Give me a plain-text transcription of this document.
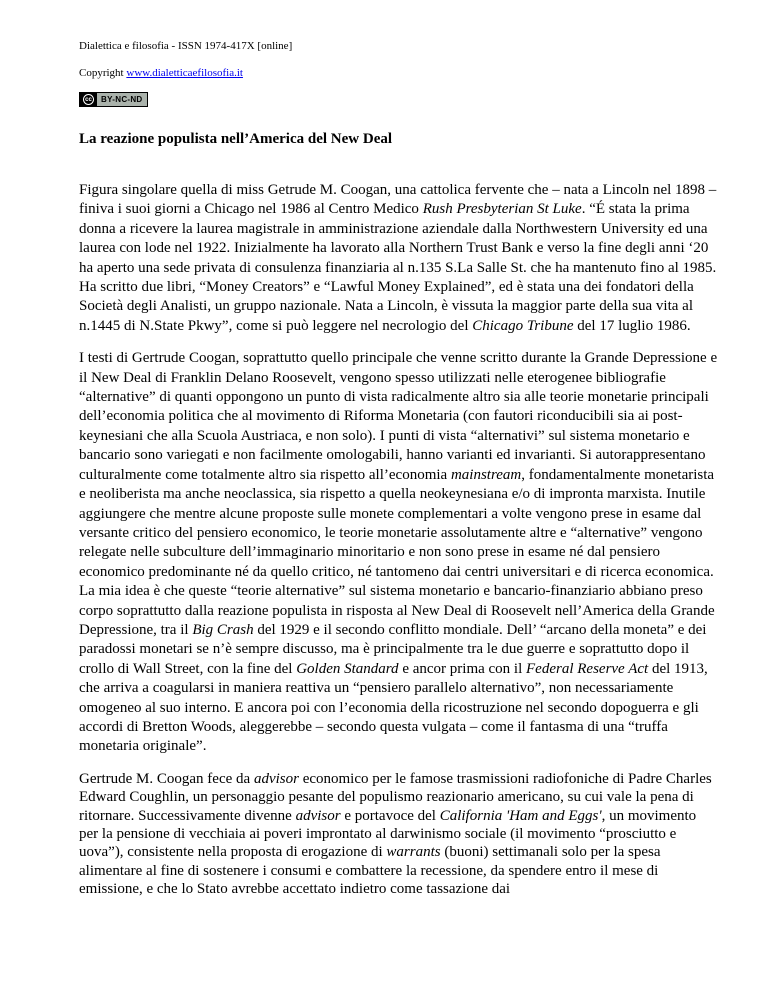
Dialettica e filosofia - ISSN 1974-417X [online]

Copyright www.dialetticaefilosofia.it

cc	BY-NC-ND
La reazione populista nell’America del New Deal

Figura singolare quella di miss Getrude M. Coogan, una cattolica fervente che – nata a Lincoln nel 1898 – finiva i suoi giorni a Chicago nel 1986 al Centro Medico Rush Presbyterian St Luke. “É stata la prima donna a ricevere la laurea magistrale in amministrazione aziendale dalla Northwestern University ed una laurea con lode nel 1922. Inizialmente ha lavorato alla Northern Trust Bank e verso la fine degli anni ‘20 ha aperto una sede privata di consulenza finanziaria al n.135 S.La Salle St. che ha mantenuto fino al 1985. Ha scritto due libri, “Money Creators” e “Lawful Money Explained”, ed è stata una dei fondatori della Società degli Analisti, un gruppo nazionale. Nata a Lincoln, è vissuta la maggior parte della sua vita al n.1445 di N.State Pkwy”, come si può leggere nel necrologio del Chicago Tribune del 17 luglio 1986.

I testi di Gertrude Coogan, soprattutto quello principale che venne scritto durante la Grande Depressione e il New Deal di Franklin Delano Roosevelt, vengono spesso utilizzati nelle eterogenee bibliografie “alternative” di quanti oppongono un punto di vista radicalmente altro sia alle teorie monetarie principali dell’economia politica che al movimento di Riforma Monetaria (con fautori riconducibili sia ai post-keynesiani che alla Scuola Austriaca, e non solo). I punti di vista “alternativi” sul sistema monetario e bancario sono variegati e non facilmente omologabili, hanno varianti ed invarianti. Si autorappresentano culturalmente come totalmente altro sia rispetto all’economia mainstream, fondamentalmente monetarista e neoliberista ma anche neoclassica, sia rispetto a quella neokeynesiana e/o di impronta marxista. Inutile aggiungere che mentre alcune proposte sulle monete complementari a volte vengono prese in esame dal versante critico del pensiero economico, le teorie monetarie assolutamente altre e “alternative” vengono relegate nelle subculture dell’immaginario minoritario e non sono prese in esame né dal pensiero economico predominante né da quello critico, né tantomeno dai centri universitari e di ricerca economica. La mia idea è che queste “teorie alternative” sul sistema monetario e bancario-finanziario abbiano preso corpo soprattutto dalla reazione populista in risposta al New Deal di Roosevelt nell’America della Grande Depressione, tra il Big Crash del 1929 e il secondo conflitto mondiale. Dell’ “arcano della moneta” e dei paradossi monetari se n’è sempre discusso, ma è principalmente tra le due guerre e soprattutto dopo il crollo di Wall Street, con la fine del Golden Standard e ancor prima con il Federal Reserve Act del 1913, che arriva a coagularsi in maniera reattiva un “pensiero parallelo alternativo”, non necessariamente omogeneo al suo interno. E ancora poi con l’economia della ricostruzione nel secondo dopoguerra e gli accordi di Bretton Woods, aleggerebbe – secondo questa vulgata – come il fantasma di una “truffa monetaria originale”.

Gertrude M. Coogan fece da advisor economico per le famose trasmissioni radiofoniche di Padre Charles Edward Coughlin, un personaggio pesante del populismo reazionario americano, su cui vale la pena di ritornare. Successivamente divenne advisor e portavoce del California 'Ham and Eggs', un movimento per la pensione di vecchiaia ai poveri improntato al darwinismo sociale (il movimento “prosciutto e uova”), consistente nella proposta di erogazione di warrants (buoni) settimanali solo per la spesa alimentare al fine di sostenere i consumi e combattere la recessione, da spendere entro il mese di emissione, e che lo Stato avrebbe accettato indietro come tassazione dai
